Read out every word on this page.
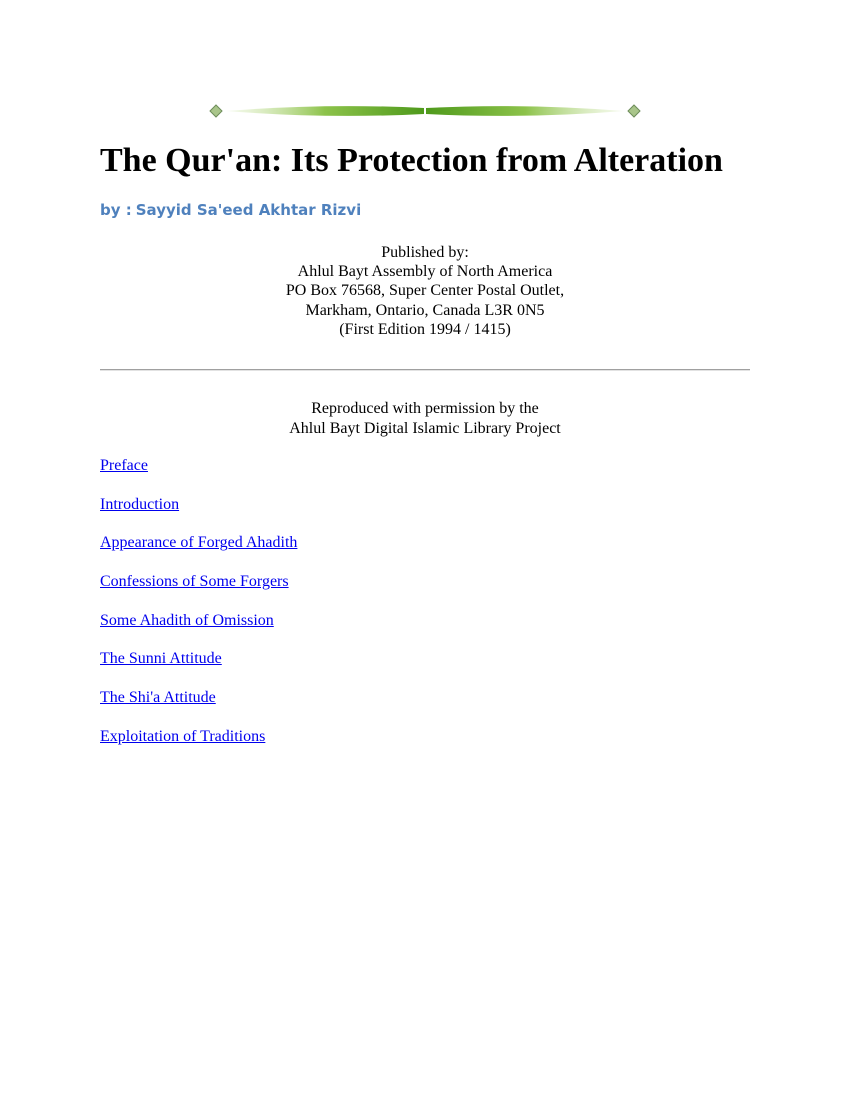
The Qur'an: Its Protection from Alteration
by : Sayyid Sa'eed Akhtar Rizvi
Published by:
Ahlul Bayt Assembly of North America
PO Box 76568, Super Center Postal Outlet,
Markham, Ontario, Canada L3R 0N5
(First Edition 1994 / 1415)
Reproduced with permission by the
Ahlul Bayt Digital Islamic Library Project
Preface
Introduction
Appearance of Forged Ahadith
Confessions of Some Forgers
Some Ahadith of Omission
The Sunni Attitude
The Shi'a Attitude
Exploitation of Traditions
